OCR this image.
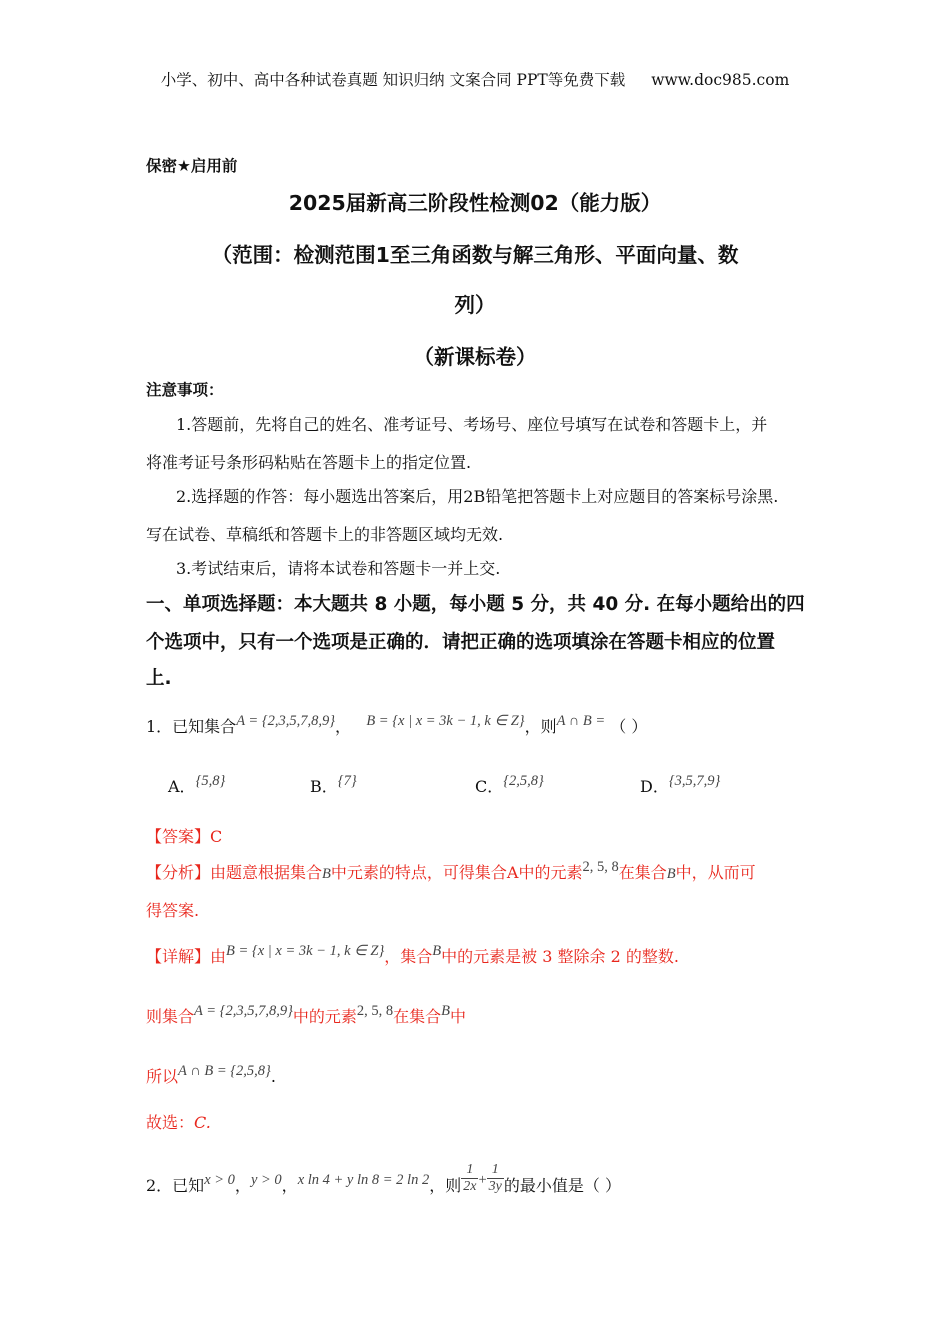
小学、初中、高中各种试卷真题 知识归纳 文案合同 PPT等免费下载 www.doc985.com
保密★启用前
2025届新高三阶段性检测02（能力版）
（范围：检测范围1至三角函数与解三角形、平面向量、数
列）
（新课标卷）
注意事项：
1.答题前，先将自己的姓名、准考证号、考场号、座位号填写在试卷和答题卡上，并
将准考证号条形码粘贴在答题卡上的指定位置.
2.选择题的作答：每小题选出答案后，用2B铅笔把答题卡上对应题目的答案标号涂黑.
写在试卷、草稿纸和答题卡上的非答题区域均无效.
3.考试结束后，请将本试卷和答题卡一并上交.
一、单项选择题：本大题共 8 小题，每小题 5 分，共 40 分. 在每小题给出的四
个选项中，只有一个选项是正确的．请把正确的选项填涂在答题卡相应的位置
上.
1．已知集合A = {2,3,5,7,8,9}， B = {x | x = 3k − 1, k ∈ Z}，则A ∩ B = （ ）
A．{5,8}	B．{7}	C．{2,5,8}	D．{3,5,7,9}
【答案】C
【分析】由题意根据集合B中元素的特点，可得集合A中的元素2, 5, 8在集合B中，从而可
得答案.
【详解】由B = {x | x = 3k − 1, k ∈ Z}，集合B中的元素是被 3 整除余 2 的整数.
则集合A = {2,3,5,7,8,9}中的元素2, 5, 8在集合B中
所以A ∩ B = {2,5,8}.
故选：C.
2．已知x > 0，y > 0，x ln 4 + y ln 8 = 2 ln 2，则 $\frac{1}{2x} + \frac{1}{3y}$ 的最小值是（ ）
